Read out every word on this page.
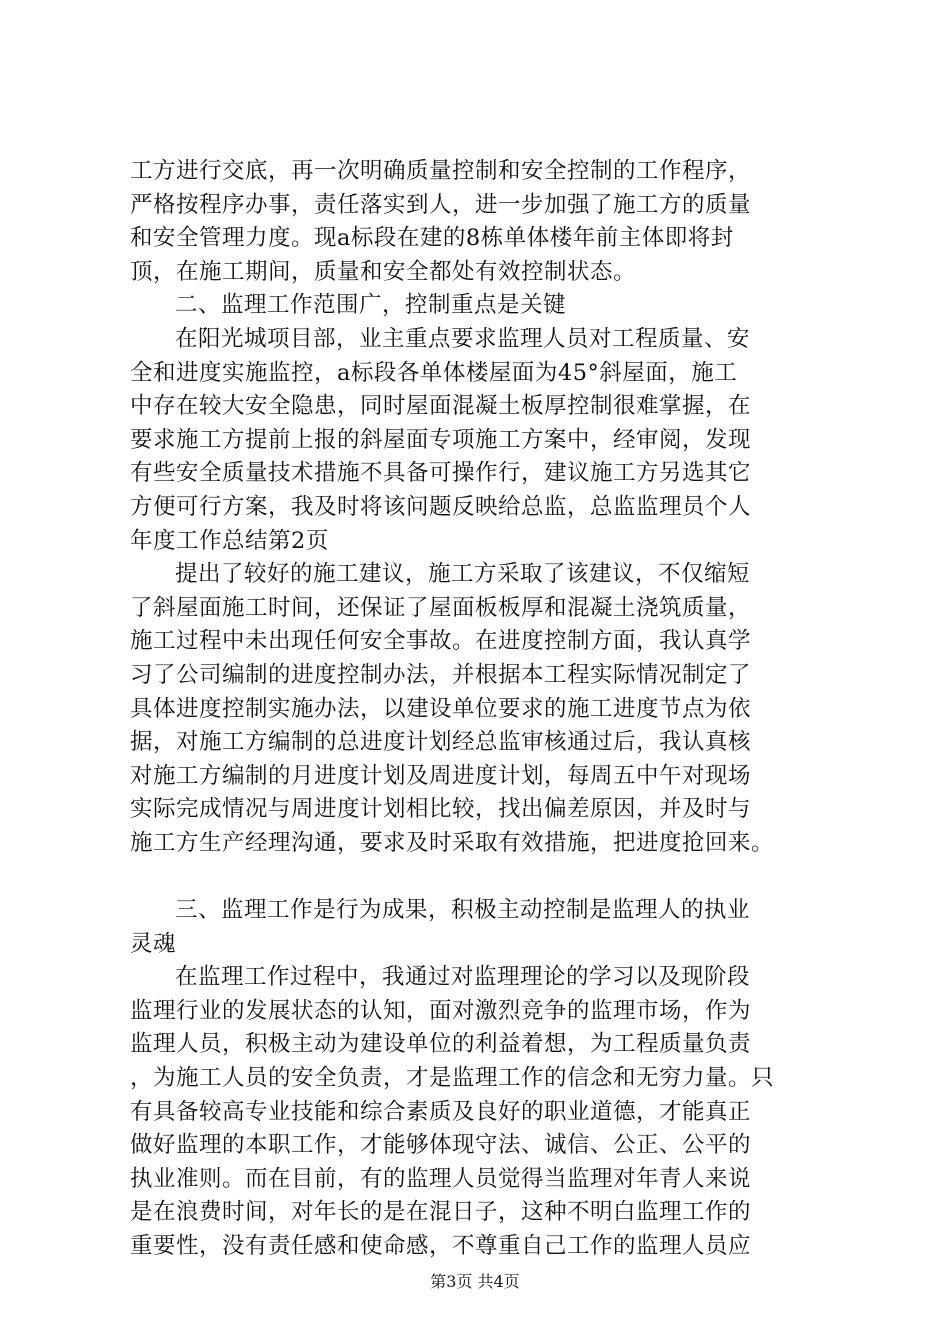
工方进行交底，再一次明确质量控制和安全控制的工作程序，
严格按程序办事，责任落实到人，进一步加强了施工方的质量
和安全管理力度。现a标段在建的8栋单体楼年前主体即将封
顶，在施工期间，质量和安全都处有效控制状态。
二、监理工作范围广，控制重点是关键
在阳光城项目部，业主重点要求监理人员对工程质量、安
全和进度实施监控，a标段各单体楼屋面为45°斜屋面，施工
中存在较大安全隐患，同时屋面混凝土板厚控制很难掌握，在
要求施工方提前上报的斜屋面专项施工方案中，经审阅，发现
有些安全质量技术措施不具备可操作行，建议施工方另选其它
方便可行方案，我及时将该问题反映给总监，总监监理员个人
年度工作总结第2页
提出了较好的施工建议，施工方采取了该建议，不仅缩短
了斜屋面施工时间，还保证了屋面板板厚和混凝土浇筑质量，
施工过程中未出现任何安全事故。在进度控制方面，我认真学
习了公司编制的进度控制办法，并根据本工程实际情况制定了
具体进度控制实施办法，以建设单位要求的施工进度节点为依
据，对施工方编制的总进度计划经总监审核通过后，我认真核
对施工方编制的月进度计划及周进度计划，每周五中午对现场
实际完成情况与周进度计划相比较，找出偏差原因，并及时与
施工方生产经理沟通，要求及时采取有效措施，把进度抢回来。
三、监理工作是行为成果，积极主动控制是监理人的执业
灵魂
在监理工作过程中，我通过对监理理论的学习以及现阶段
监理行业的发展状态的认知，面对激烈竞争的监理市场，作为
监理人员，积极主动为建设单位的利益着想，为工程质量负责
，为施工人员的安全负责，才是监理工作的信念和无穷力量。只
有具备较高专业技能和综合素质及良好的职业道德，才能真正
做好监理的本职工作，才能够体现守法、诚信、公正、公平的
执业准则。而在目前，有的监理人员觉得当监理对年青人来说
是在浪费时间，对年长的是在混日子，这种不明白监理工作的
重要性，没有责任感和使命感，不尊重自己工作的监理人员应
第3页 共4页
